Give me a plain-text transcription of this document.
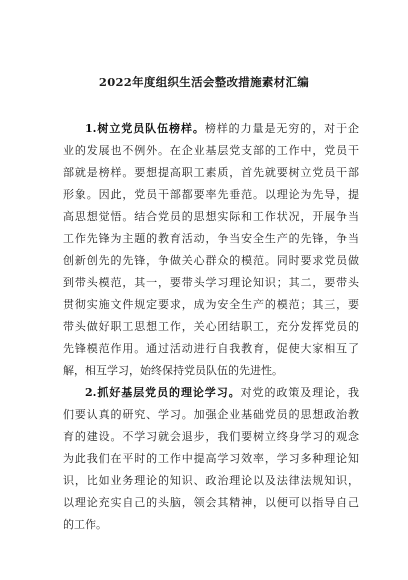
2022年度组织生活会整改措施素材汇编
1.树立党员队伍榜样。榜样的力量是无穷的，对于企
业的发展也不例外。在企业基层党支部的工作中，党员干
部就是榜样。要想提高职工素质，首先就要树立党员干部
形象。因此，党员干部都要率先垂范。以理论为先导，提
高思想觉悟。结合党员的思想实际和工作状况，开展争当
工作先锋为主题的教育活动，争当安全生产的先锋，争当
创新创先的先锋，争做关心群众的模范。同时要求党员做
到带头模范，其一，要带头学习理论知识；其二，要带头
贯彻实施文件规定要求，成为安全生产的模范；其三，要
带头做好职工思想工作，关心团结职工，充分发挥党员的
先锋模范作用。通过活动进行自我教育，促使大家相互了
解，相互学习，始终保持党员队伍的先进性。
2.抓好基层党员的理论学习。对党的政策及理论，我
们要认真的研究、学习。加强企业基础党员的思想政治教
育的建设。不学习就会退步，我们要树立终身学习的观念
为此我们在平时的工作中提高学习效率，学习多种理论知
识，比如业务理论的知识、政治理论以及法律法规知识，
以理论充实自己的头脑，领会其精神，以便可以指导自己
的工作。
